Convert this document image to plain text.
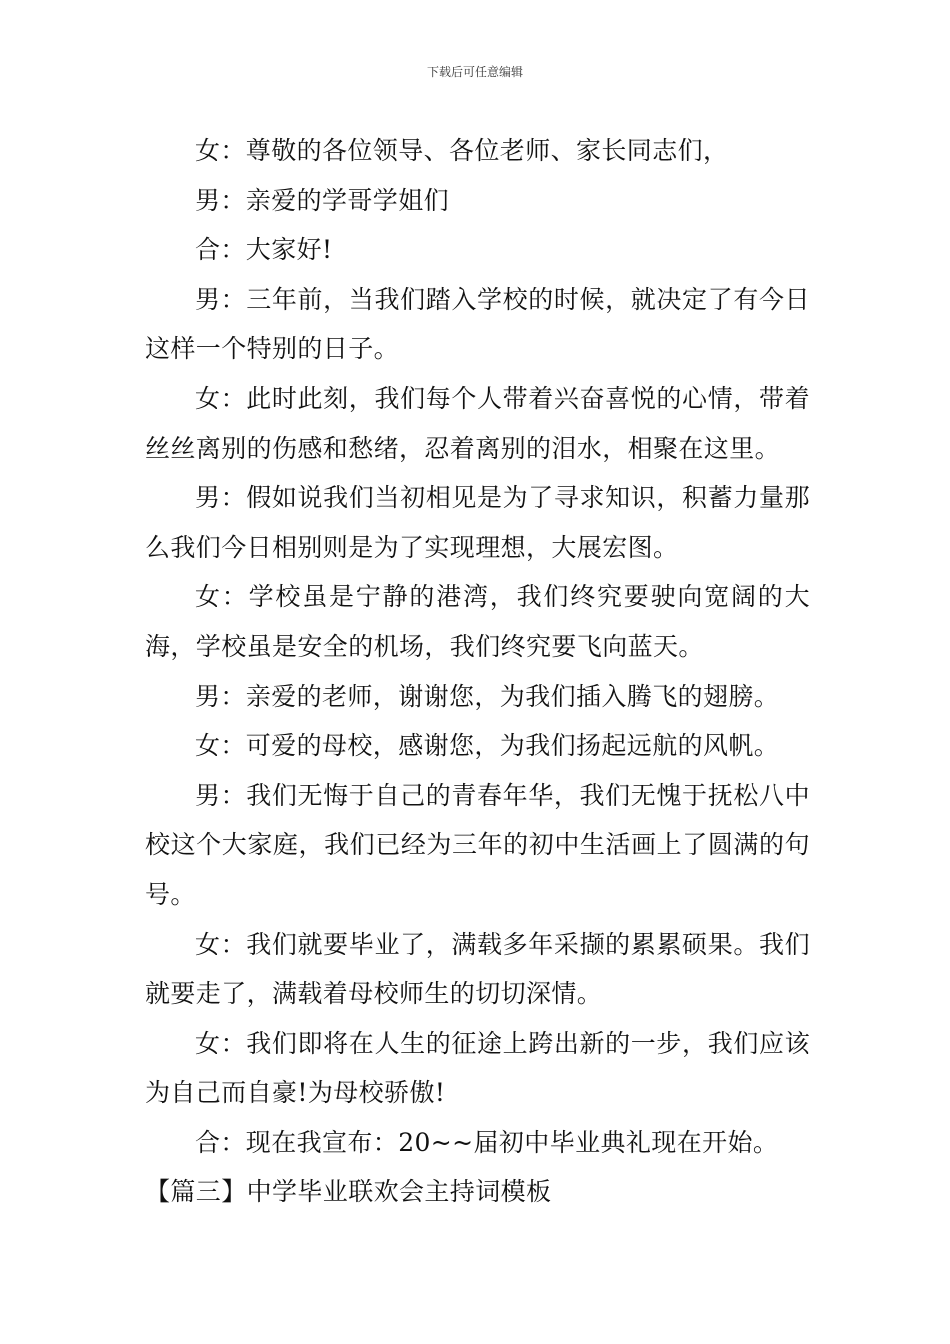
下载后可任意编辑

女：尊敬的各位领导、各位老师、家长同志们，

男：亲爱的学哥学姐们

合：大家好!

男：三年前，当我们踏入学校的时候，就决定了有今日这样一个特别的日子。

女：此时此刻，我们每个人带着兴奋喜悦的心情，带着丝丝离别的伤感和愁绪，忍着离别的泪水，相聚在这里。

男：假如说我们当初相见是为了寻求知识，积蓄力量那么我们今日相别则是为了实现理想，大展宏图。

女：学校虽是宁静的港湾，我们终究要驶向宽阔的大海，学校虽是安全的机场，我们终究要飞向蓝天。

男：亲爱的老师，谢谢您，为我们插入腾飞的翅膀。

女：可爱的母校，感谢您，为我们扬起远航的风帆。

男：我们无悔于自己的青春年华，我们无愧于抚松八中校这个大家庭，我们已经为三年的初中生活画上了圆满的句号。

女：我们就要毕业了，满载多年采撷的累累硕果。我们就要走了，满载着母校师生的切切深情。

女：我们即将在人生的征途上跨出新的一步，我们应该为自己而自豪!为母校骄傲!

合：现在我宣布：20~~届初中毕业典礼现在开始。

【篇三】中学毕业联欢会主持词模板
